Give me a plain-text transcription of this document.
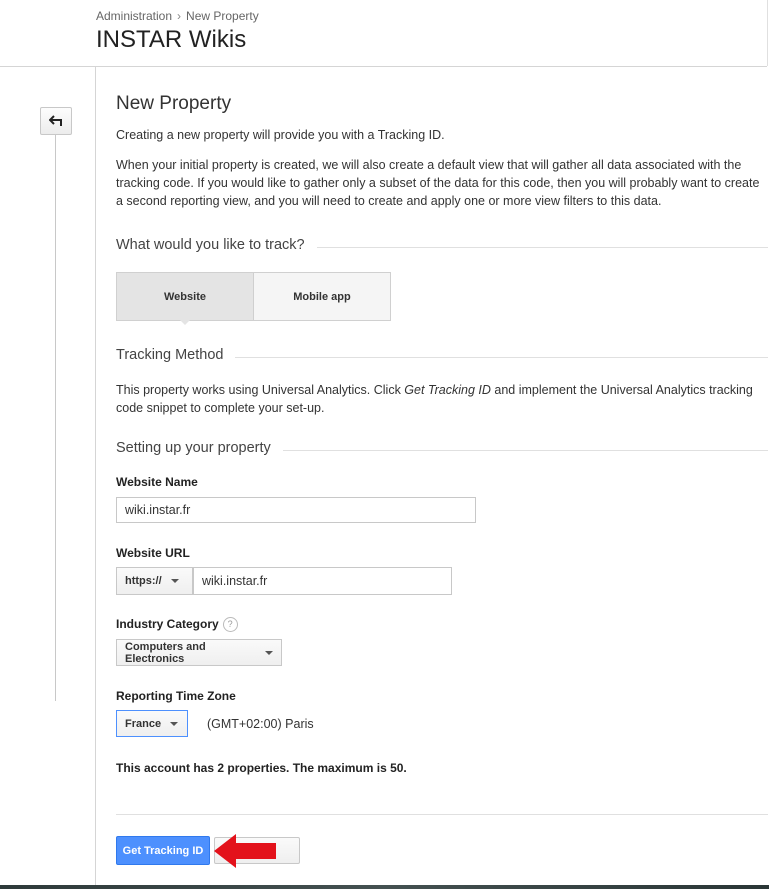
Administration › New Property
INSTAR Wikis
New Property
Creating a new property will provide you with a Tracking ID.
When your initial property is created, we will also create a default view that will gather all data associated with the tracking code. If you would like to gather only a subset of the data for this code, then you will probably want to create a second reporting view, and you will need to create and apply one or more view filters to this data.
What would you like to track?
Website	Mobile app
Tracking Method
This property works using Universal Analytics. Click Get Tracking ID and implement the Universal Analytics tracking code snippet to complete your set-up.
Setting up your property
Website Name
wiki.instar.fr
Website URL
https://	wiki.instar.fr
Industry Category ?
Computers and Electronics
Reporting Time Zone
France	(GMT+02:00) Paris
This account has 2 properties. The maximum is 50.
Get Tracking ID
